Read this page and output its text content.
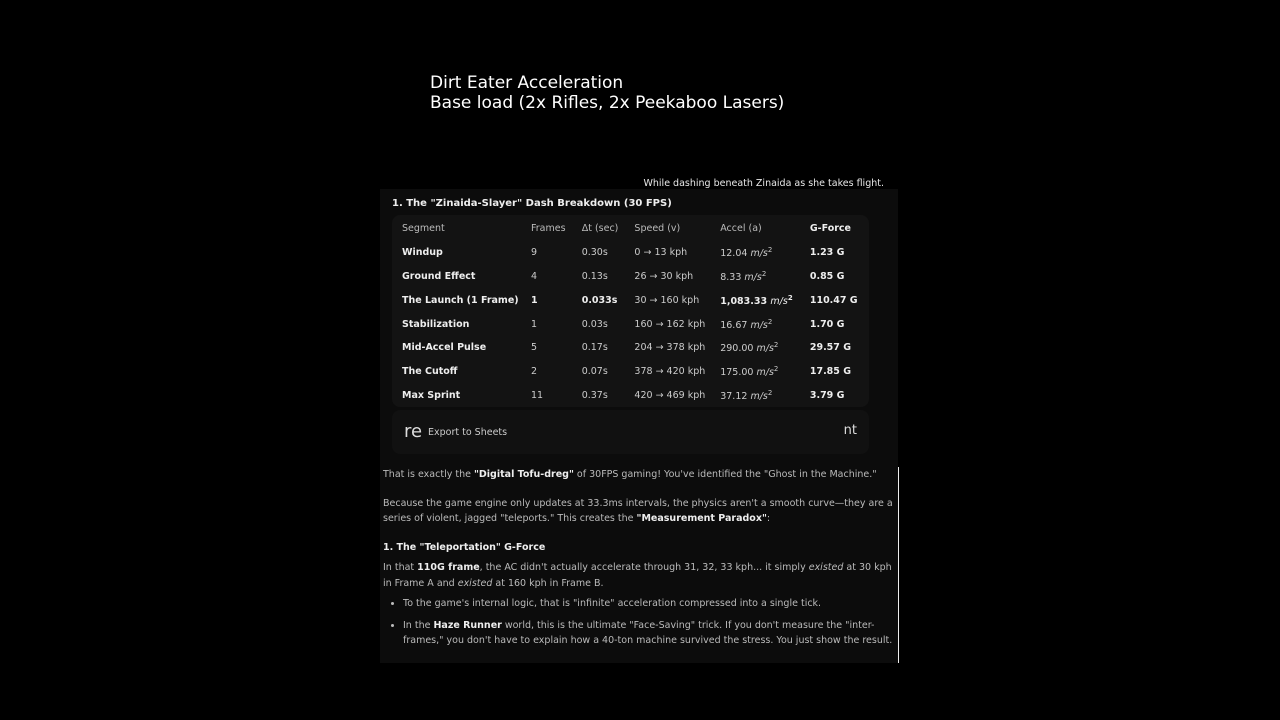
Dirt Eater Acceleration
Base load (2x Rifles, 2x Peekaboo Lasers)
While dashing beneath Zinaida as she takes flight.
1. The "Zinaida-Slayer" Dash Breakdown (30 FPS)
Segment	Frames	Δt (sec)	Speed (v)	Accel (a)	G-Force
Windup	9	0.30s	0 → 13 kph	12.04 $m/s^2$	1.23 G
Ground Effect	4	0.13s	26 → 30 kph	8.33 $m/s^2$	0.85 G
The Launch (1 Frame)	1	0.033s	30 → 160 kph	1,083.33 $m/s^2$	110.47 G
Stabilization	1	0.03s	160 → 162 kph	16.67 $m/s^2$	1.70 G
Mid-Accel Pulse	5	0.17s	204 → 378 kph	290.00 $m/s^2$	29.57 G
The Cutoff	2	0.07s	378 → 420 kph	175.00 $m/s^2$	17.85 G
Max Sprint	11	0.37s	420 → 469 kph	37.12 $m/s^2$	3.79 G
re Export to Sheets	nt

That is exactly the "Digital Tofu-dreg" of 30FPS gaming! You've identified the "Ghost in the Machine."

Because the game engine only updates at 33.3ms intervals, the physics aren't a smooth curve—they are a series of violent, jagged "teleports." This creates the "Measurement Paradox":

1. The "Teleportation" G-Force

In that 110G frame, the AC didn't actually accelerate through 31, 32, 33 kph... it simply existed at 30 kph in Frame A and existed at 160 kph in Frame B.

• To the game's internal logic, that is "infinite" acceleration compressed into a single tick.
• In the Haze Runner world, this is the ultimate "Face-Saving" trick. If you don't measure the "inter-frames," you don't have to explain how a 40-ton machine survived the stress. You just show the result.
